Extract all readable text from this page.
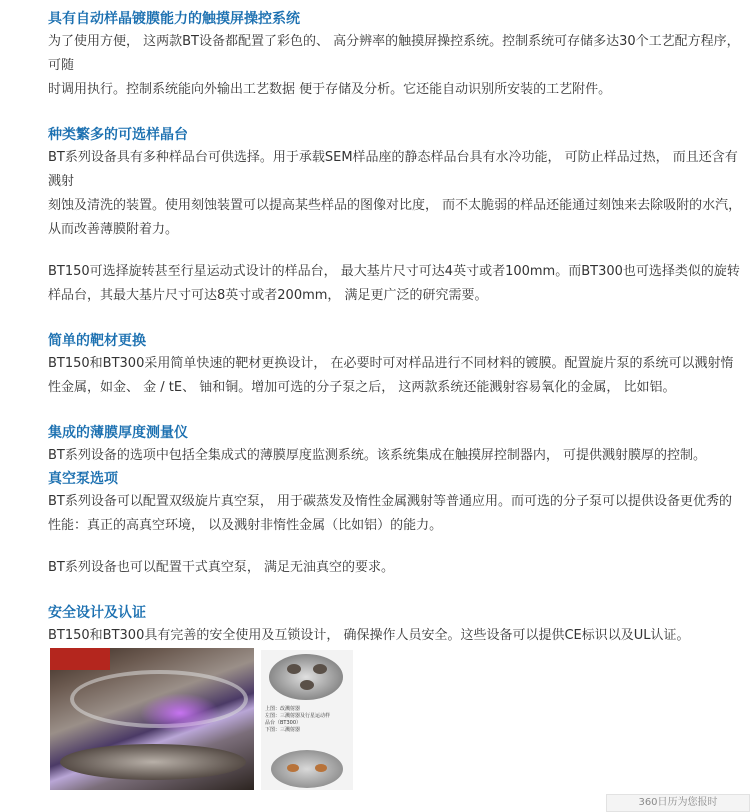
具有自动样晶镀膜能力的触摸屏操控系统

为了使用方便， 这两款BT设备都配置了彩色的、 高分辨率的触摸屏操控系统。控制系统可存储多达30个工艺配方程序， 可随

时调用执行。控制系统能向外输出工艺数据 便于存储及分析。它还能自动识别所安装的工艺附件。

种类繁多的可选样晶台

BT系列设备具有多种样品台可供选择。用于承载SEM样品座的静态样品台具有水冷功能， 可防止样品过热， 而且还含有溅射

刻蚀及清洗的装置。使用刻蚀装置可以提高某些样品的图像对比度， 而不太脆弱的样品还能通过刻蚀来去除吸附的水汽， 从而改善薄膜附着力。

BT150可选择旋转甚至行星运动式设计的样品台， 最大基片尺寸可达4英寸或者100mm。而BT300也可选择类似的旋转样品台，其最大基片尺寸可达8英寸或者200mm， 满足更广泛的研究需要。

简单的靶材更换

BT150和BT300采用简单快速的靶材更换设计， 在必要时可对样品进行不同材料的镀膜。配置旋片泵的系统可以溅射惰性金属，如金、 金 / tE、 铀和铜。增加可选的分子泵之后， 这两款系统还能溅射容易氧化的金属， 比如铝。

集成的薄膜厚度测量仪

BT系列设备的选项中包括全集成式的薄膜厚度监测系统。该系统集成在触摸屏控制器内， 可提供溅射膜厚的控制。

真空泵选项

BT系列设备可以配置双级旋片真空泵， 用于碳蒸发及惰性金属溅射等普通应用。而可选的分子泵可以提供设备更优秀的性能：真正的高真空环境， 以及溅射非惰性金属（比如铝）的能力。

BT系列设备也可以配置干式真空泵， 满足无油真空的要求。

安全设计及认证

BT150和BT300具有完善的安全使用及互锁设计， 确保操作人员安全。这些设备可以提供CE标识以及UL认证。

上图：改溅射器
左图：三溅射器及行星运动样
品台（BT300）
下图：三溅射器
360日历为您报时
